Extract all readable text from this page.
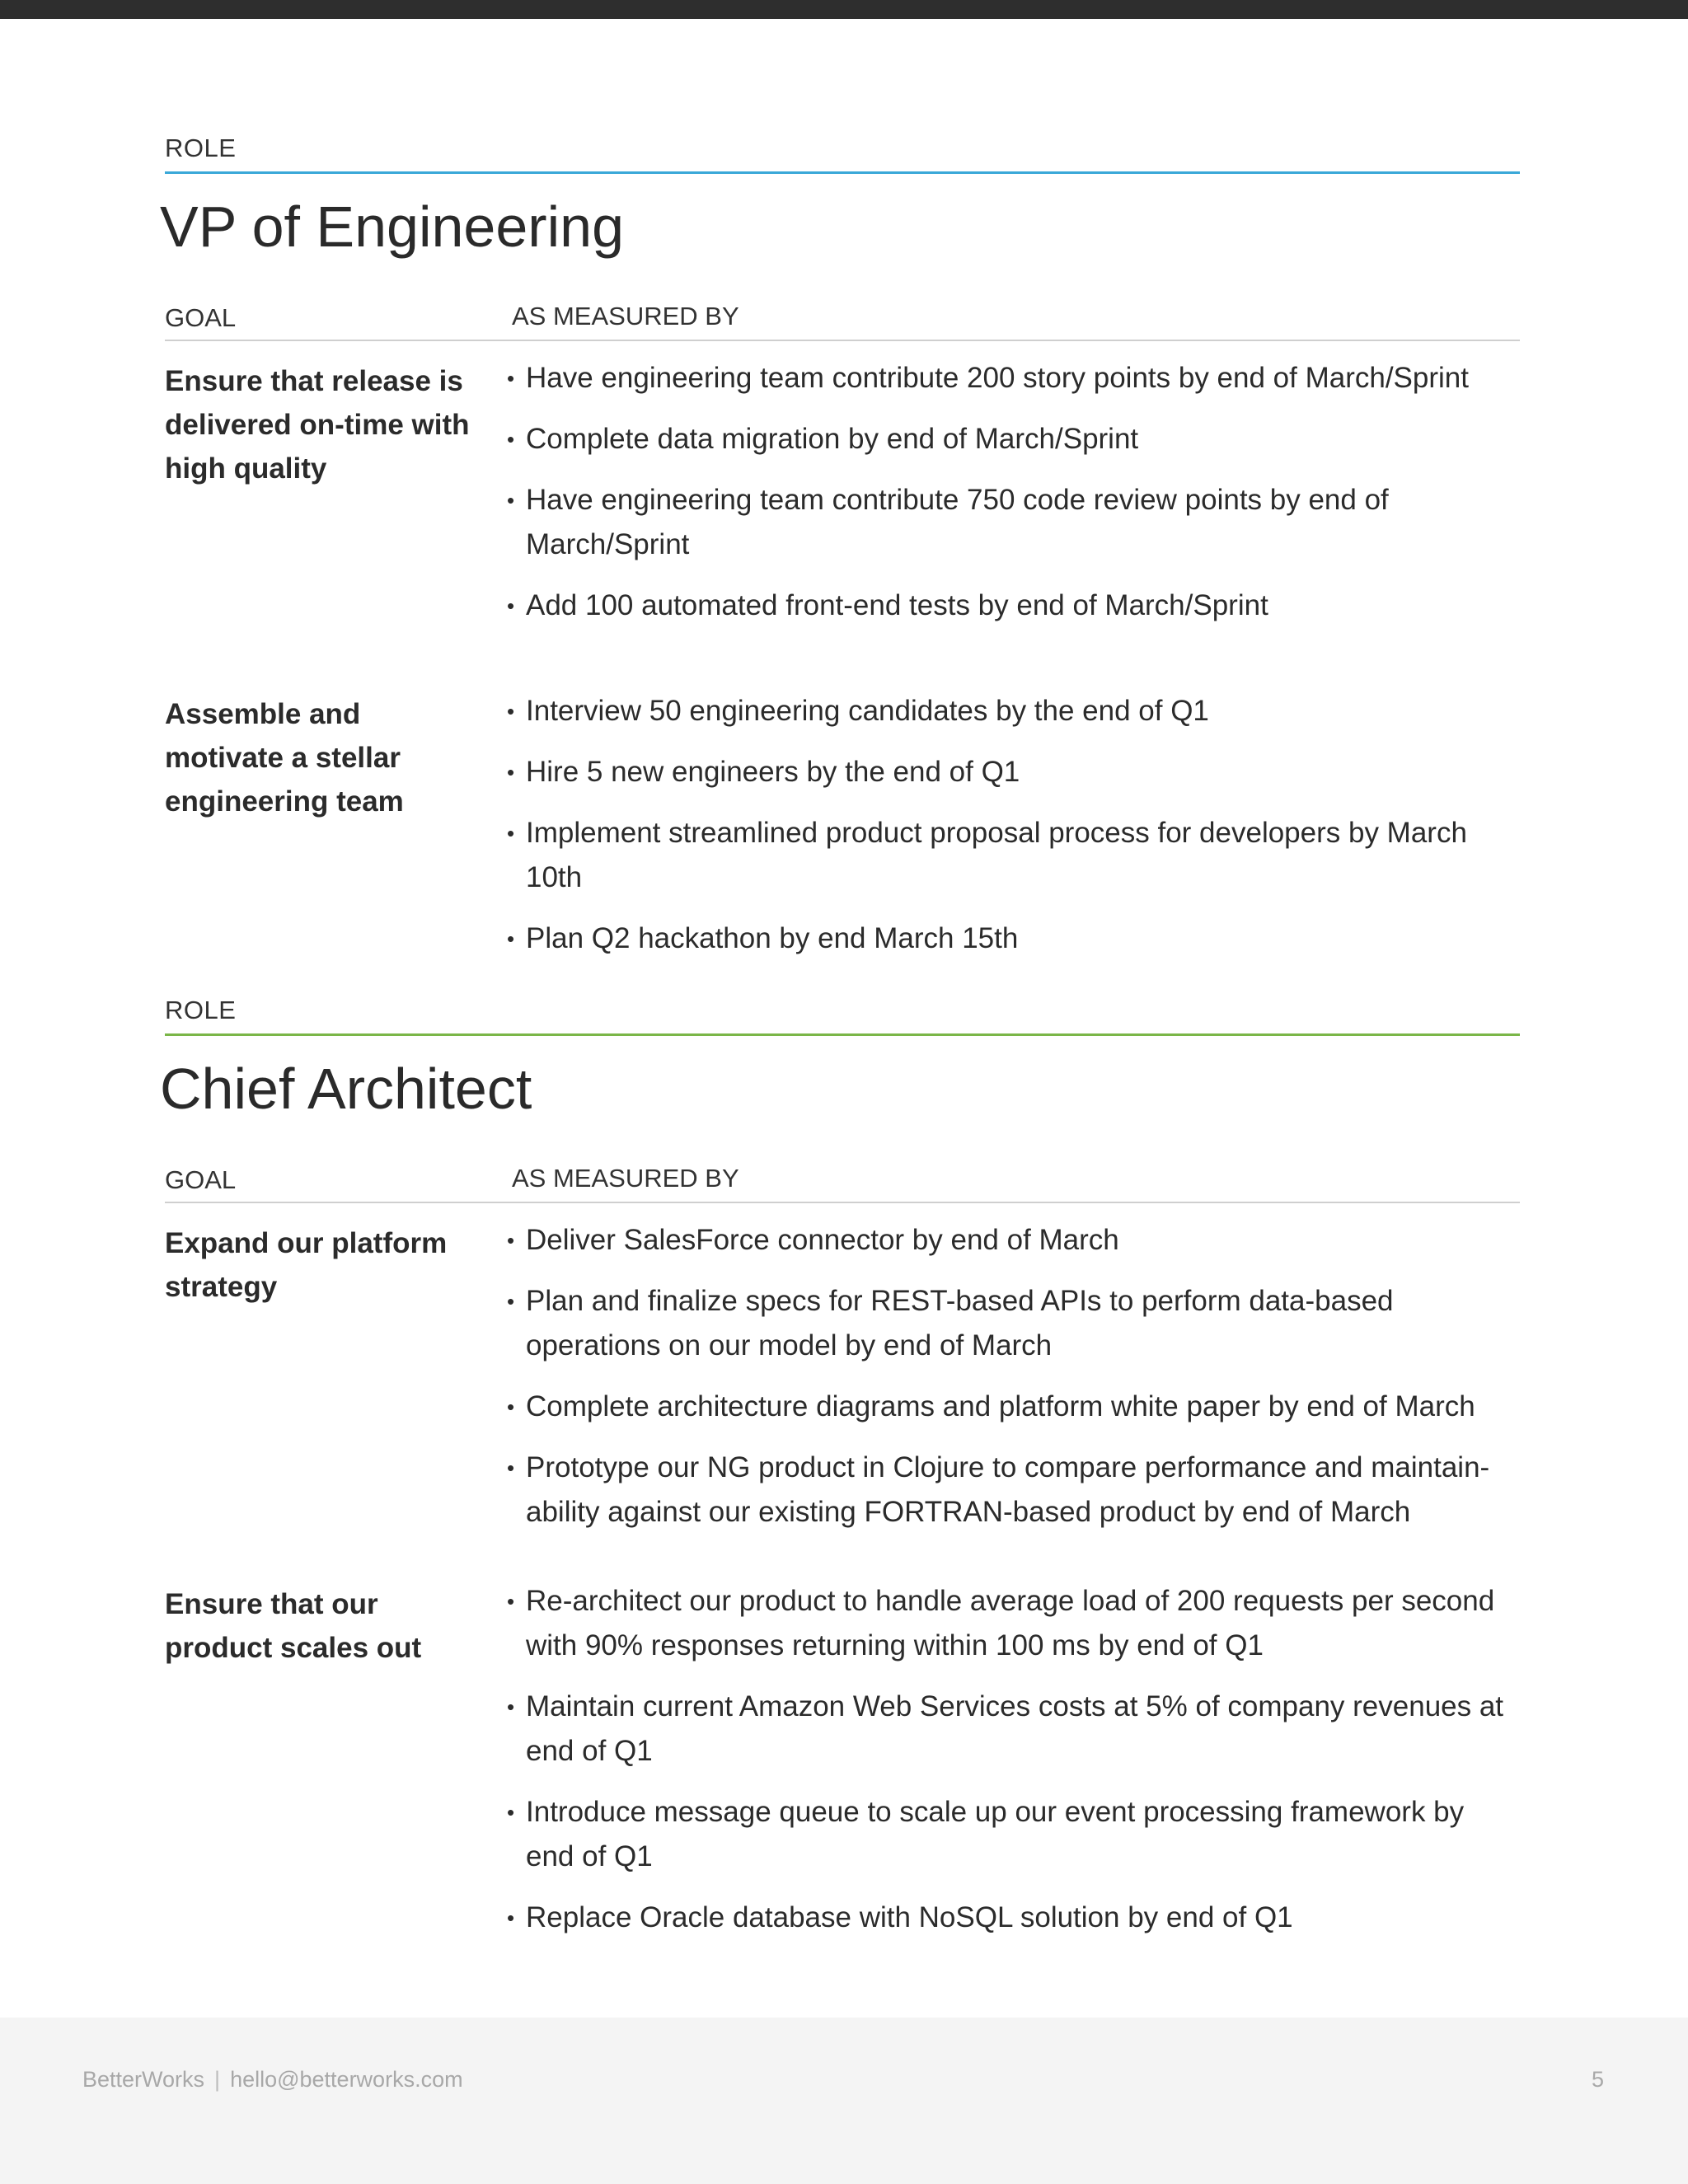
ROLE
VP of Engineering
GOAL	AS MEASURED BY
Ensure that release is delivered on-time with high quality
• Have engineering team contribute 200 story points by end of March/Sprint
• Complete data migration by end of March/Sprint
• Have engineering team contribute 750 code review points by end of March/Sprint
• Add 100 automated front-end tests by end of March/Sprint
Assemble and motivate a stellar engineering team
• Interview 50 engineering candidates by the end of Q1
• Hire 5 new engineers by the end of Q1
• Implement streamlined product proposal process for developers by March 10th
• Plan Q2 hackathon by end March 15th
ROLE
Chief Architect
GOAL	AS MEASURED BY
Expand our platform strategy
• Deliver SalesForce connector by end of March
• Plan and finalize specs for REST-based APIs to perform data-based operations on our model by end of March
• Complete architecture diagrams and platform white paper by end of March
• Prototype our NG product in Clojure to compare performance and maintain-ability against our existing FORTRAN-based product by end of March
Ensure that our product scales out
• Re-architect our product to handle average load of 200 requests per second with 90% responses returning within 100 ms by end of Q1
• Maintain current Amazon Web Services costs at 5% of company revenues at end of Q1
• Introduce message queue to scale up our event processing framework by end of Q1
• Replace Oracle database with NoSQL solution by end of Q1
BetterWorks | hello@betterworks.com	5
